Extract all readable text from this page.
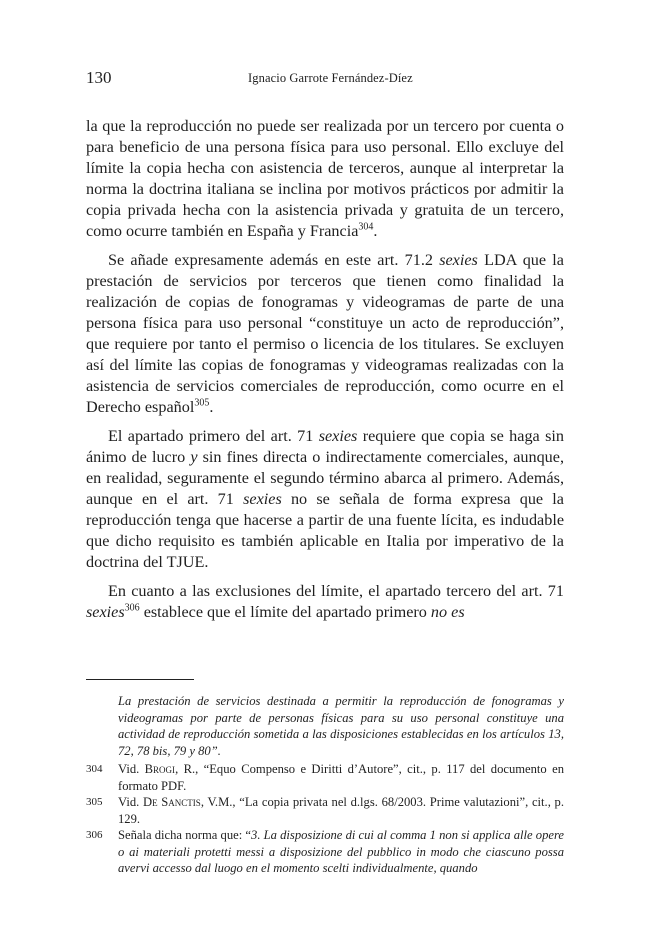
130	Ignacio Garrote Fernández-Díez

la que la reproducción no puede ser realizada por un tercero por cuenta o para beneficio de una persona física para uso personal. Ello excluye del límite la copia hecha con asistencia de terceros, aunque al interpretar la norma la doctrina italiana se inclina por motivos prácticos por admitir la copia privada hecha con la asistencia privada y gratuita de un tercero, como ocurre también en España y Francia$^{304}$.

Se añade expresamente además en este art. 71.2 sexies LDA que la prestación de servicios por terceros que tienen como finalidad la realización de copias de fonogramas y videogramas de parte de una persona física para uso personal “constituye un acto de reproducción”, que requiere por tanto el permiso o licencia de los titulares. Se excluyen así del límite las copias de fonogramas y videogramas realizadas con la asistencia de servicios comerciales de reproducción, como ocurre en el Derecho español$^{305}$.

El apartado primero del art. 71 sexies requiere que copia se haga sin ánimo de lucro y sin fines directa o indirectamente comerciales, aunque, en realidad, seguramente el segundo término abarca al primero. Además, aunque en el art. 71 sexies no se señala de forma expresa que la reproducción tenga que hacerse a partir de una fuente lícita, es indudable que dicho requisito es también aplicable en Italia por imperativo de la doctrina del TJUE.

En cuanto a las exclusiones del límite, el apartado tercero del art. 71 sexies$^{306}$ establece que el límite del apartado primero no es

La prestación de servicios destinada a permitir la reproducción de fonogramas y videogramas por parte de personas físicas para su uso personal constituye una actividad de reproducción sometida a las disposiciones establecidas en los artículos 13, 72, 78 bis, 79 y 80”.
304	Vid. Brogi, R., “Equo Compenso e Diritti d’Autore”, cit., p. 117 del documento en formato PDF.
305	Vid. De Sanctis, V.M., “La copia privata nel d.lgs. 68/2003. Prime valutazioni”, cit., p. 129.
306	Señala dicha norma que: “3. La disposizione di cui al comma 1 non si applica alle opere o ai materiali protetti messi a disposizione del pubblico in modo che ciascuno possa avervi accesso dal luogo en el momento scelti individualmente, quando
